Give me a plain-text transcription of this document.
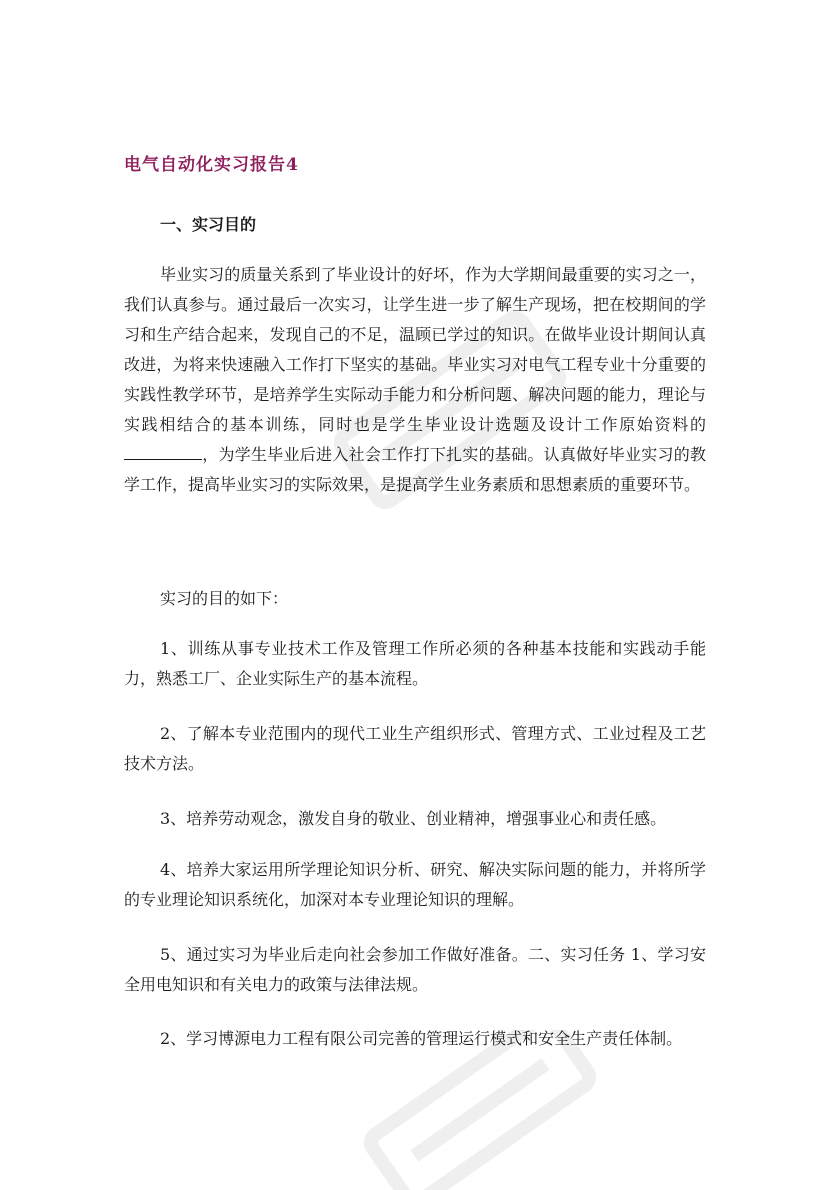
电气自动化实习报告4
一、实习目的

毕业实习的质量关系到了毕业设计的好坏，作为大学期间最重要的实习之一，我们认真参与。通过最后一次实习，让学生进一步了解生产现场，把在校期间的学习和生产结合起来，发现自己的不足，温顾已学过的知识。在做毕业设计期间认真改进，为将来快速融入工作打下坚实的基础。毕业实习对电气工程专业十分重要的实践性教学环节，是培养学生实际动手能力和分析问题、解决问题的能力，理论与实践相结合的基本训练，同时也是学生毕业设计选题及设计工作原始资料的，为学生毕业后进入社会工作打下扎实的基础。认真做好毕业实习的教学工作，提高毕业实习的实际效果，是提高学生业务素质和思想素质的重要环节。

实习的目的如下：

1、训练从事专业技术工作及管理工作所必须的各种基本技能和实践动手能力，熟悉工厂、企业实际生产的基本流程。

2、了解本专业范围内的现代工业生产组织形式、管理方式、工业过程及工艺技术方法。

3、培养劳动观念，激发自身的敬业、创业精神，增强事业心和责任感。

4、培养大家运用所学理论知识分析、研究、解决实际问题的能力，并将所学的专业理论知识系统化，加深对本专业理论知识的理解。

5、通过实习为毕业后走向社会参加工作做好准备。二、实习任务 1、学习安全用电知识和有关电力的政策与法律法规。

2、学习博源电力工程有限公司完善的管理运行模式和安全生产责任体制。
